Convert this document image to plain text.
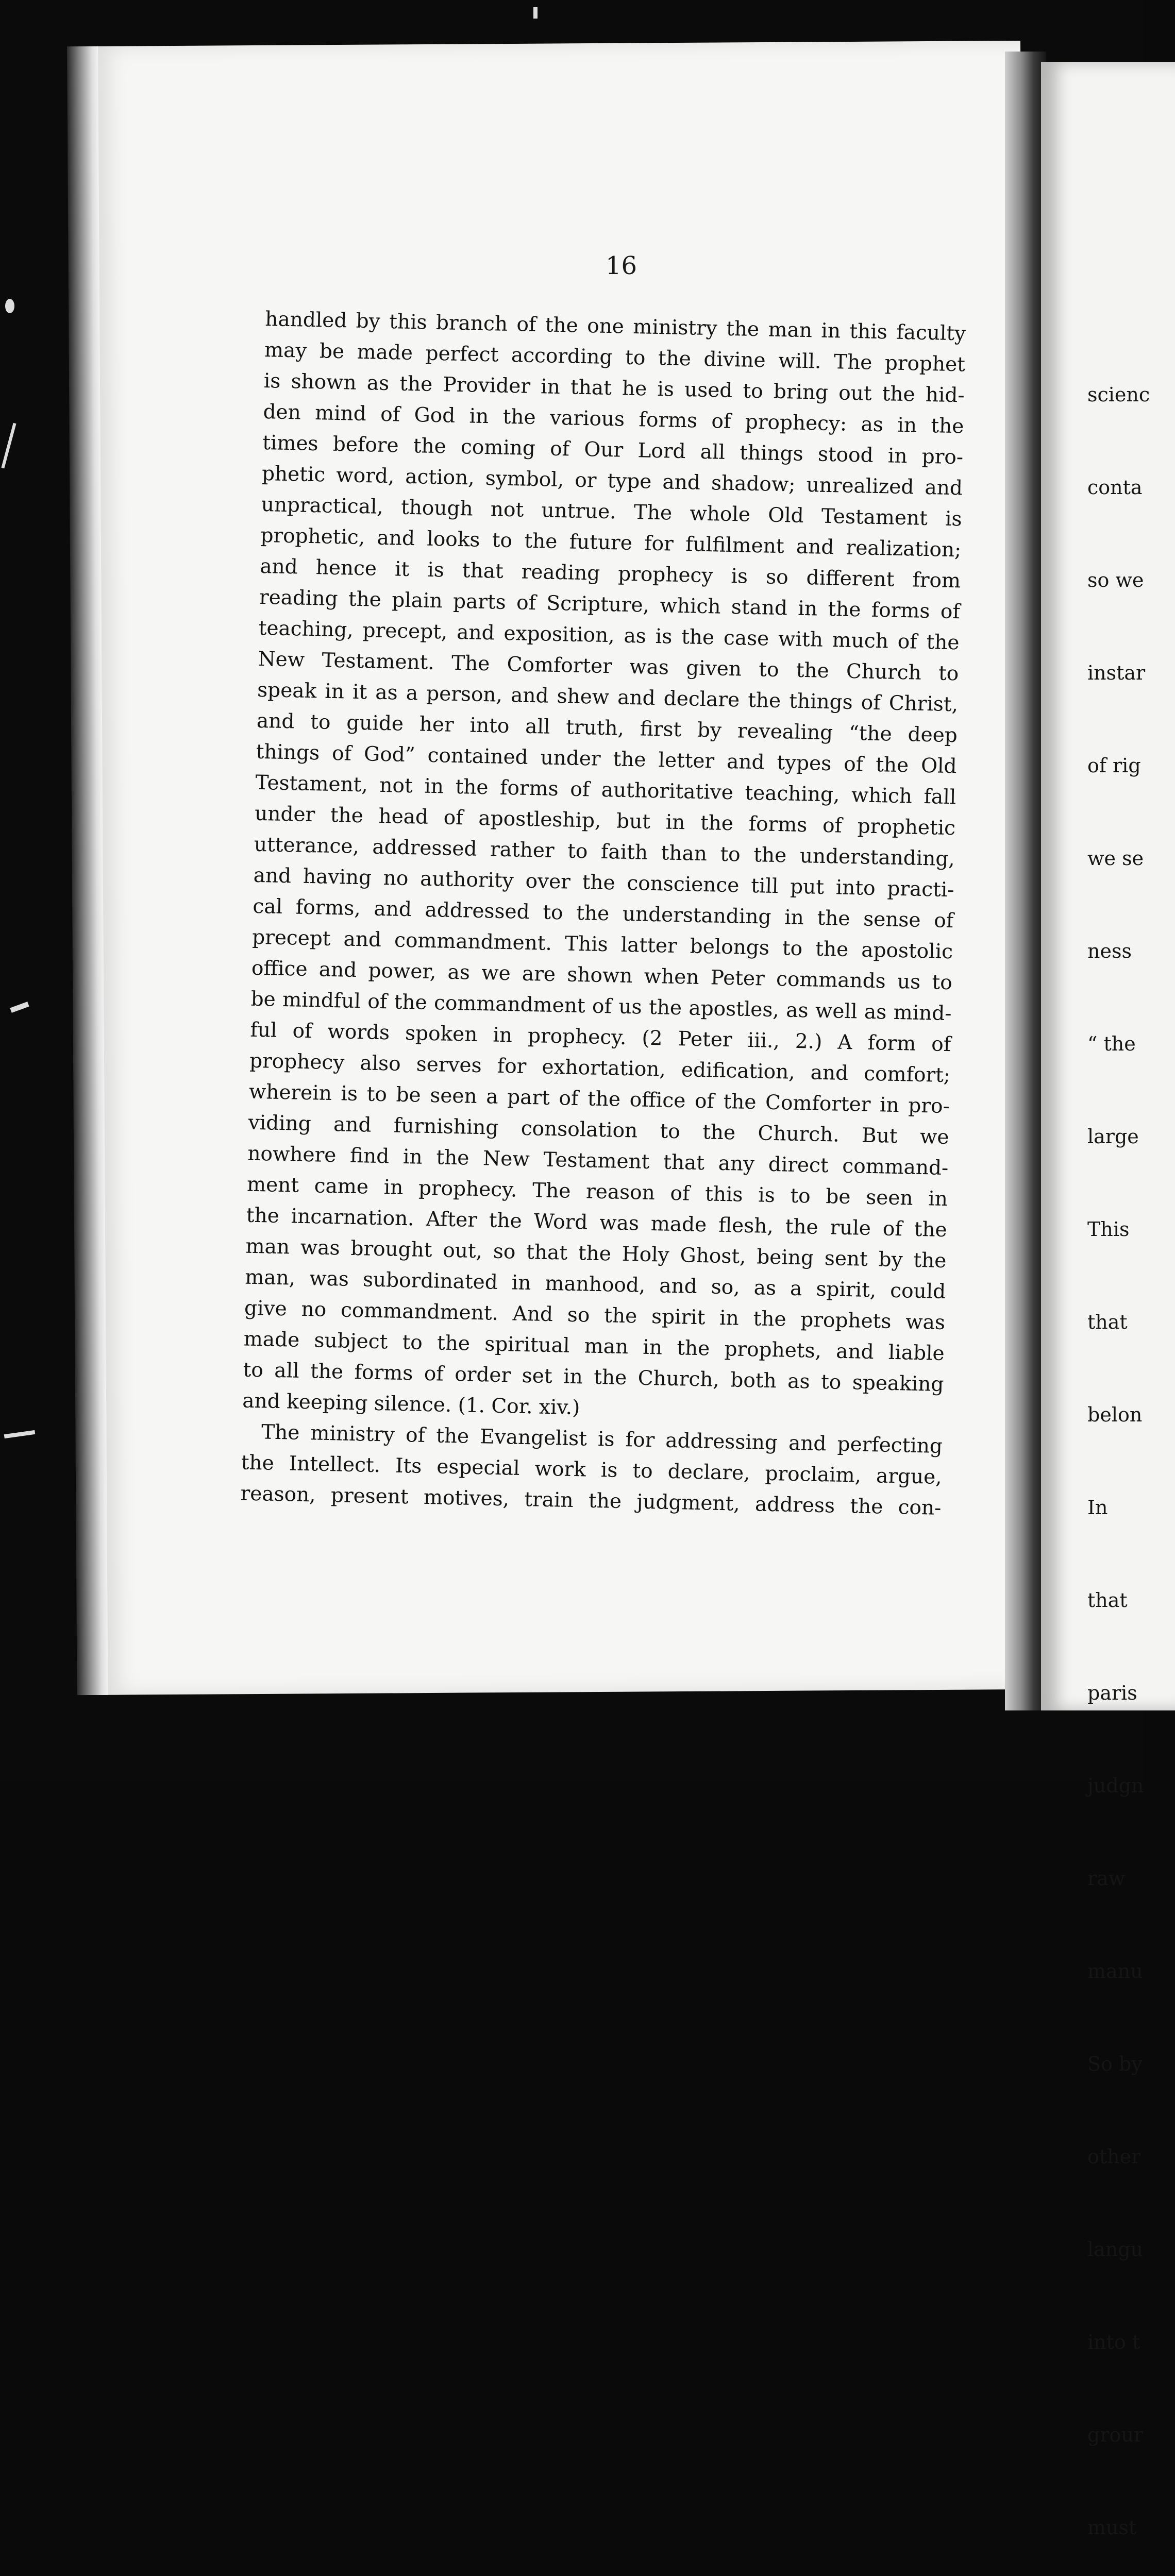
16
handled by this branch of the one ministry the man in this faculty
may be made perfect according to the divine will. The prophet
is shown as the Provider in that he is used to bring out the hid-
den mind of God in the various forms of prophecy: as in the
times before the coming of Our Lord all things stood in pro-
phetic word, action, symbol, or type and shadow; unrealized and
unpractical, though not untrue. The whole Old Testament is
prophetic, and looks to the future for fulfilment and realization;
and hence it is that reading prophecy is so different from
reading the plain parts of Scripture, which stand in the forms of
teaching, precept, and exposition, as is the case with much of the
New Testament. The Comforter was given to the Church to
speak in it as a person, and shew and declare the things of Christ,
and to guide her into all truth, first by revealing “the deep
things of God” contained under the letter and types of the Old
Testament, not in the forms of authoritative teaching, which fall
under the head of apostleship, but in the forms of prophetic
utterance, addressed rather to faith than to the understanding,
and having no authority over the conscience till put into practi-
cal forms, and addressed to the understanding in the sense of
precept and commandment. This latter belongs to the apostolic
office and power, as we are shown when Peter commands us to
be mindful of the commandment of us the apostles, as well as mind-
ful of words spoken in prophecy. (2 Peter iii., 2.) A form of
prophecy also serves for exhortation, edification, and comfort;
wherein is to be seen a part of the office of the Comforter in pro-
viding and furnishing consolation to the Church. But we
nowhere find in the New Testament that any direct command-
ment came in prophecy. The reason of this is to be seen in
the incarnation. After the Word was made flesh, the rule of the
man was brought out, so that the Holy Ghost, being sent by the
man, was subordinated in manhood, and so, as a spirit, could
give no commandment. And so the spirit in the prophets was
made subject to the spiritual man in the prophets, and liable
to all the forms of order set in the Church, both as to speaking
and keeping silence. (1. Cor. xiv.)
The ministry of the Evangelist is for addressing and perfecting
the Intellect. Its especial work is to declare, proclaim, argue,
reason, present motives, train the judgment, address the con-

scienc

conta

so we

instar

of rig

we se

ness

“ the

large

This

that

belon

In

that

paris

judgn

raw

manu

So by

other

langu

into t

grour

must
